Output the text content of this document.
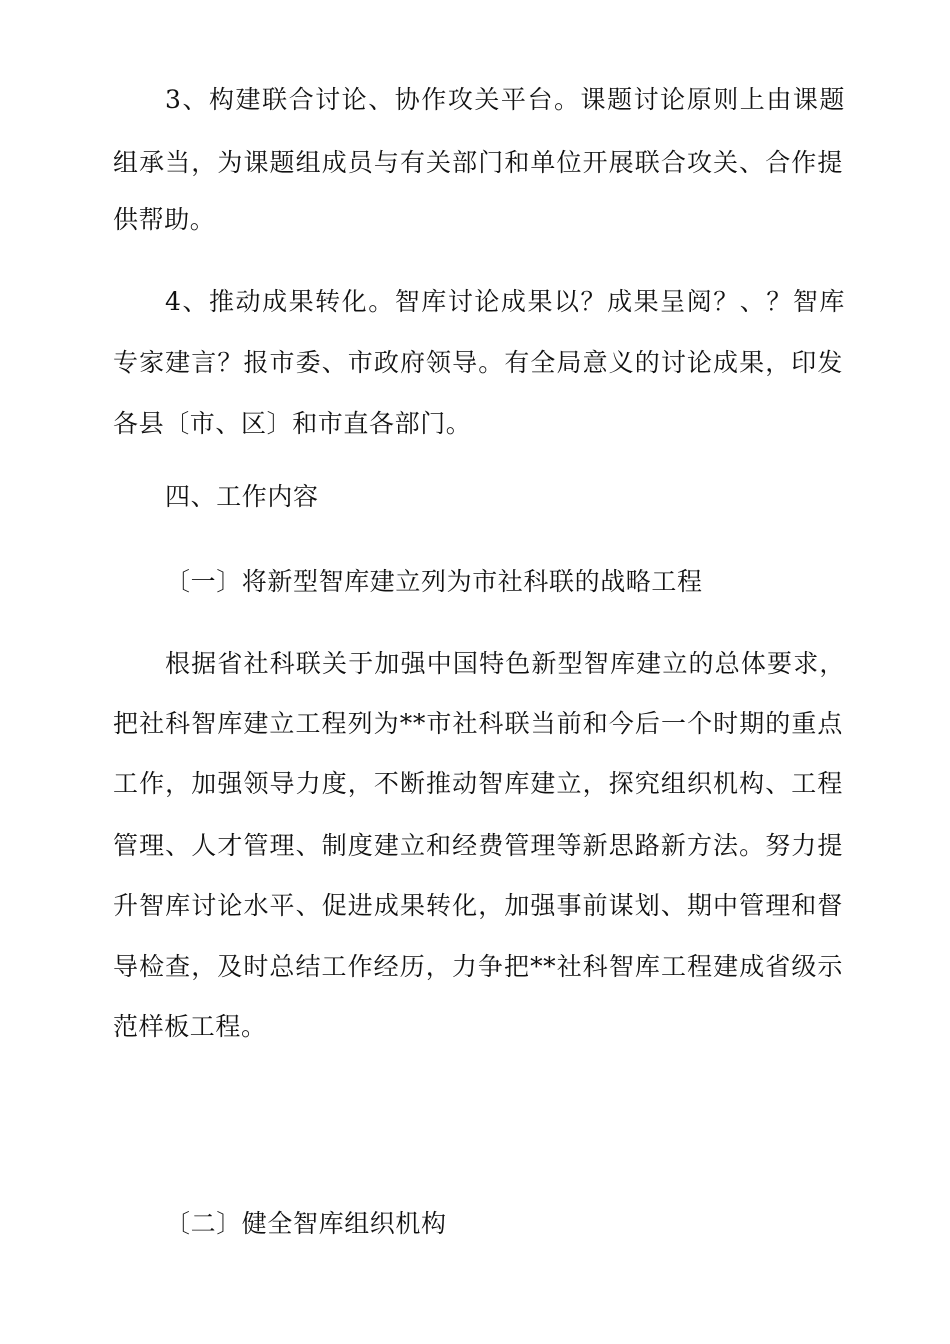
3、构建联合讨论、协作攻关平台。课题讨论原则上由课题
组承当，为课题组成员与有关部门和单位开展联合攻关、合作提
供帮助。
4、推动成果转化。智库讨论成果以？成果呈阅？、？智库
专家建言？报市委、市政府领导。有全局意义的讨论成果，印发
各县〔市、区〕和市直各部门。
四、工作内容
〔一〕将新型智库建立列为市社科联的战略工程
根据省社科联关于加强中国特色新型智库建立的总体要求，
把社科智库建立工程列为**市社科联当前和今后一个时期的重点
工作，加强领导力度，不断推动智库建立，探究组织机构、工程
管理、人才管理、制度建立和经费管理等新思路新方法。努力提
升智库讨论水平、促进成果转化，加强事前谋划、期中管理和督
导检查，及时总结工作经历，力争把**社科智库工程建成省级示
范样板工程。
〔二〕健全智库组织机构
